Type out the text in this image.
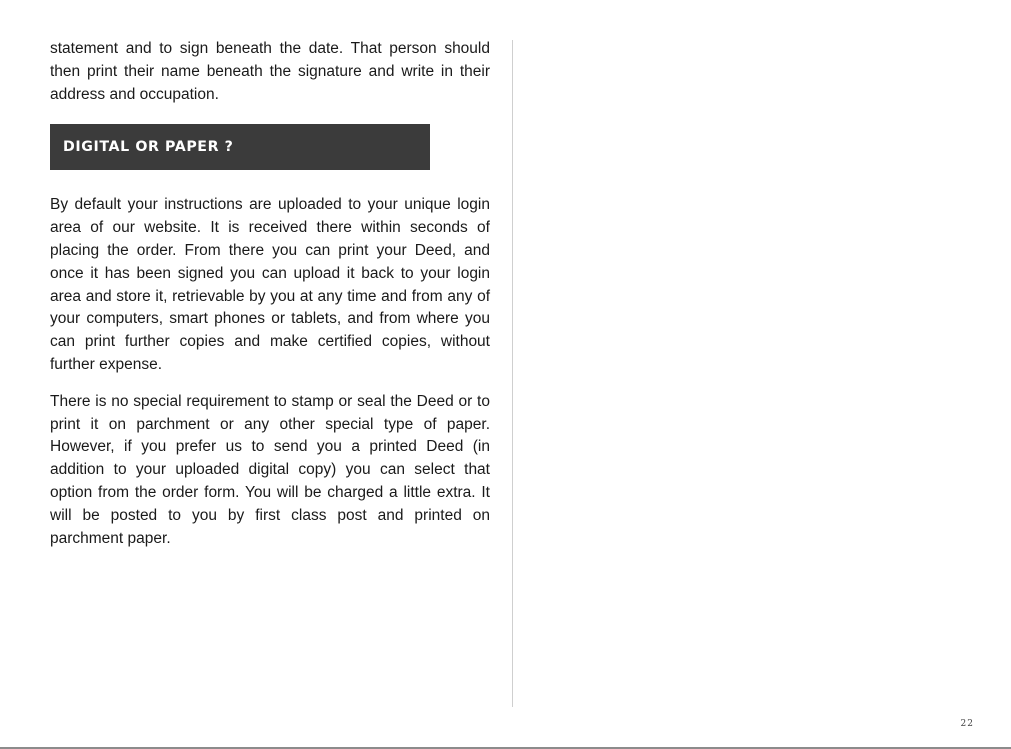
statement and to sign beneath the date. That person should then print their name beneath the signature and write in their address and occupation.

DIGITAL OR PAPER ?

By default your instructions are uploaded to your unique login area of our website. It is received there within seconds of placing the order. From there you can print your Deed, and once it has been signed you can upload it back to your login area and store it, retrievable by you at any time and from any of your computers, smart phones or tablets, and from where you can print further copies and make certified copies, without further expense.

There is no special requirement to stamp or seal the Deed or to print it on parchment or any other special type of paper. However, if you prefer us to send you a printed Deed (in addition to your uploaded digital copy) you can select that option from the order form. You will be charged a little extra. It will be posted to you by first class post and printed on parchment paper.

22
